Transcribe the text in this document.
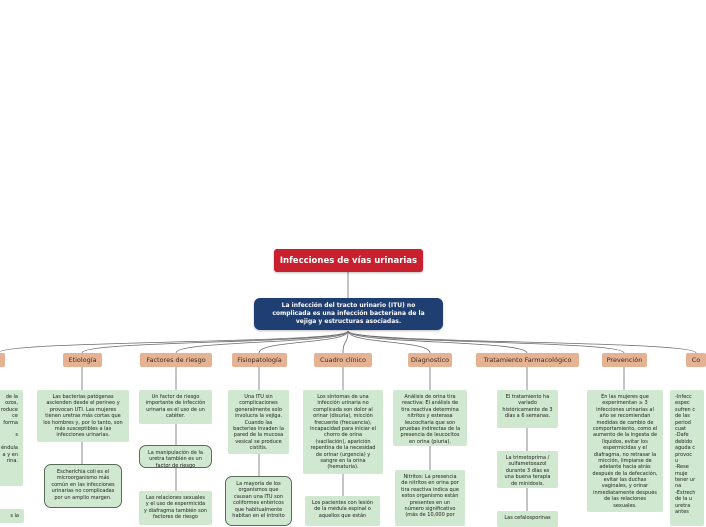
Infecciones de vías urinarias
La infección del tracto urinario (ITU) no complicada es una infección bacteriana de la vejiga y estructuras asociadas.
Etiología	Factores de riesgo	Fisiopatología	Cuadro clínico	Diagnostico	Tratamiento Farmacológico	Prevención	Co
de la
ozos,
roduce
ce
forma

s

éndula
a y en
rina.
s la
Las bacterias patógenas ascienden desde el perineo y provocan UTI. Las mujeres tienen uretras más cortas que los hombres y, por lo tanto, son más susceptibles a las infecciones urinarias.
Escherichia coli es el microorganismo más común en las infecciones urinarias no complicadas por un amplio margen.
Un factor de riesgo importante de infección urinaria es el uso de un catéter.
La manipulación de la uretra también es un factor de riesgo
Las relaciones sexuales y el uso de espermicida y diafragma también son factores de riesgo
Una ITU sin complicaciones generalmente solo involucra la vejiga. Cuando las bacterias invaden la pared de la mucosa vesical se produce cistitis.
La mayoría de los organismos que causan una ITU son coliformes entéricos que habitualmente habitan en el introito
Los síntomas de una infección urinaria no complicada son dolor al orinar (disuria), micción frecuente (frecuencia), incapacidad para iniciar el chorro de orina (vacilación), aparición repentina de la necesidad de orinar (urgencia) y sangre en la orina (hematuria).
Los pacientes con lesión de la médula espinal o aquellos que están
Análisis de orina tira reactiva: El análisis de tira reactiva determina nitritos y esterasa leucocitaria que son pruebas indirectas de la presencia de leucocitos en orina (piuria).
Nitritos: La presencia de nitritos en orina por tira reactiva indica que estos organismo están presentes en un número significativo (más de 10,000 por
El tratamiento ha variado históricamente de 3 días a 6 semanas.
La trimetoprima / sulfametoxazol durante 3 días es una buena terapia de minidosis.
Las cefalosporinas
En las mujeres que experimentan ≥ 3 infecciones urinarias al año se recomiendan medidas de cambio de comportamiento, como el aumento de la ingesta de líquidos, evitar los espermicidas y el diafragma, no retrasar la micción, limpiarse de adelante hacia atrás después de la defecación, evitar las duchas vaginales, y orinar inmediatamente después de las relaciones sexuales.
-Infecc
espec
sufren c
de las
period
cuat
-Dafe
debido
aguda c
provoc
u
-Rese
muje
tener ur
na
-Estrech
de la u
uretra
antes
